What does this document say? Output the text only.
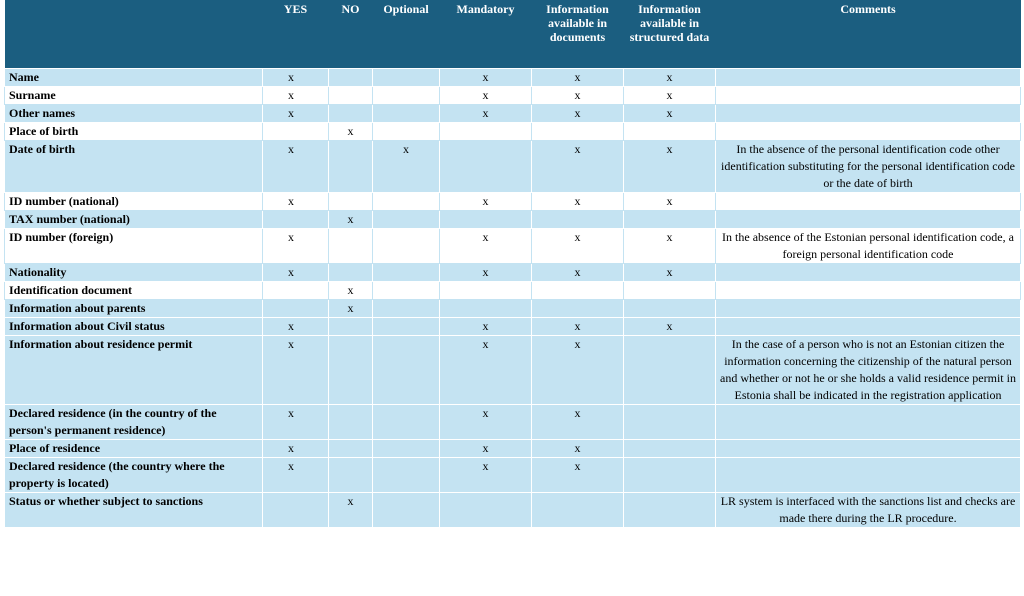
	YES	NO	Optional	Mandatory	Information available in documents	Information available in structured data	Comments
Name	x			x	x	x	
Surname	x			x	x	x	
Other names	x			x	x	x	
Place of birth		x					
Date of birth	x		x		x	x	In the absence of the personal identification code other identification substituting for the personal identification code or the date of birth
ID number (national)	x			x	x	x	
TAX number (national)		x					
ID number (foreign)	x			x	x	x	In the absence of the Estonian personal identification code, a foreign personal identification code
Nationality	x			x	x	x	
Identification document		x					
Information about parents		x					
Information about Civil status	x			x	x	x	
Information about residence permit	x			x	x		In the case of a person who is not an Estonian citizen the information concerning the citizenship of the natural person and whether or not he or she holds a valid residence permit in Estonia shall be indicated in the registration application
Declared residence (in the country of the person's permanent residence)	x			x	x		
Place of residence	x			x	x		
Declared residence (the country where the property is located)	x			x	x		
Status or whether subject to sanctions		x					LR system is interfaced with the sanctions list and checks are made there during the LR procedure.
